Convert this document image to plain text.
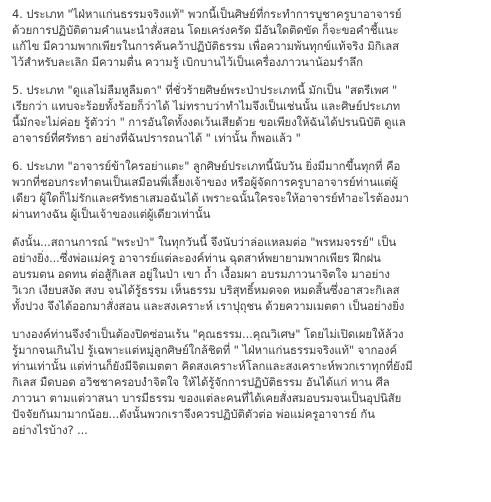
4. ประเภท "ไฝ่หาแก่นธรรมจริงแท้" พวกนี้เป็นศิษย์ที่กระทำการบูชาครูบาอาจารย์
ด้วยการปฏิบัติตามคำแนะนำสั่งสอน โดยเคร่งครัด มีอันใดติดขัด ก็จะขอคำชี้แนะ
แก้ไข มีความพากเพียรในการค้นคว้าปฏิบัติธรรม เพื่อความพ้นทุกข์แท้จริง มิกิเลส
ไว้สำหรับละเลิก มีความตื่น ความรู้ เบิกบานไว้เป็นเครื่องภาวนาน้อมรำลึก
5. ประเภท "ดูแลไม่ลืมหูลืมตา" ที่ชั่วร้ายศิษย์พระป่าประเภทนี้ มักเป็น "สตรีเพศ "
เรียกว่า แทบจะร้อยทั้งร้อยก็ว่าได้ ไม่ทราบว่าทำไมจึงเป็นเช่นนั้น และศิษย์ประเภท
นี้มักจะไม่ค่อย รู้ตัวว่า " การอันใดทั้งงดเว้นเสียด้วย ขอเพียงให้ฉันได้ปรนนิบัติ ดูแล
อาจารย์ที่ศรัทธา อย่างที่ฉันปรารถนาได้ " เท่านั้น ก็พอแล้ว "
6. ประเภท "อาจารย์ข้าใครอย่าแตะ" ลูกศิษย์ประเภทนี้นับวัน ยิ่งมีมากขึ้นทุกที่ คือ
พวกที่ชอบกระทำตนเป็นเสมือนพี่เลี้ยงเจ้าของ หรือผู้จัดการครูบาอาจารย์ท่านแต่ผู้
เดียว ผู้ใดก็ไม่รักและศรัทธาเสมอฉันได้ เพราะฉนั้นใครจะให้อาจารย์ทำอะไรต้องมา
ผ่านทางฉัน ผู้เป็นเจ้าของแต่ผู้เดียวเท่านั้น
ดังนั้น...สถานการณ์ "พระป่า" ในทุกวันนี้ จึงนับว่าล่อแหลมต่อ "พรหมจรรย์" เป็น
อย่างยิ่ง...ซึ่งพ่อแม่ครู อาจารย์แต่ละองค์ท่าน ฉุดสาห์พยายามพากเพียร ฝึกฝน
อบรมตน อดทน ต่อสู้กิเลส อยู่ในป่า เขา ถ้ำ เงื้อมผา อบรมภาวนาจิตใจ มาอย่าง
วิเวก เงียบสงัด สงบ จนได้รู้ธรรม เห็นธรรม บริสุทธิ์หมดจด หมดสิ้นซึ่งอาสวะกิเลส
ทั้งปวง จึงได้ออกมาสั่งสอน และสงเคราะห์ เราปุถุชน ด้วยความเมตตา เป็นอย่างยิ่ง
บางองค์ท่านจึงจำเป็นต้องปิดซ่อนเร้น "คุณธรรม...คุณวิเศษ" โดยไม่เปิดเผยให้ล้วง
รู้มากจนเกินไป รู้เฉพาะแต่หมู่ลูกศิษย์ใกล้ชิดที่ " ไฝ่หาแก่นธรรมจริงแท้" จากองค์
ท่านเท่านั้น แต่ท่านก็ยังมีจิตเมตตา คิดสงเคราะห์โลกและสงเคราะห์พวกเราทุกที่ยังมี
กิเลส มืดบอด อวิชชาครอบงำจิตใจ ให้ได้รู้จักการปฏิบัติธรรม อันได้แก่ ทาน ศีล
ภาวนา ตามแต่วาสนา บารมีธรรม ของแต่ละคนที่ได้เคยสั่งสมอบรมจนเป็นอุปนิสัย
ปัจจัยกันมามากน้อย...ดังนั้นพวกเราจึงควรปฏิบัติตัวต่อ พ่อแม่ครูอาจารย์ กัน
อย่างไรบ้าง? ...
